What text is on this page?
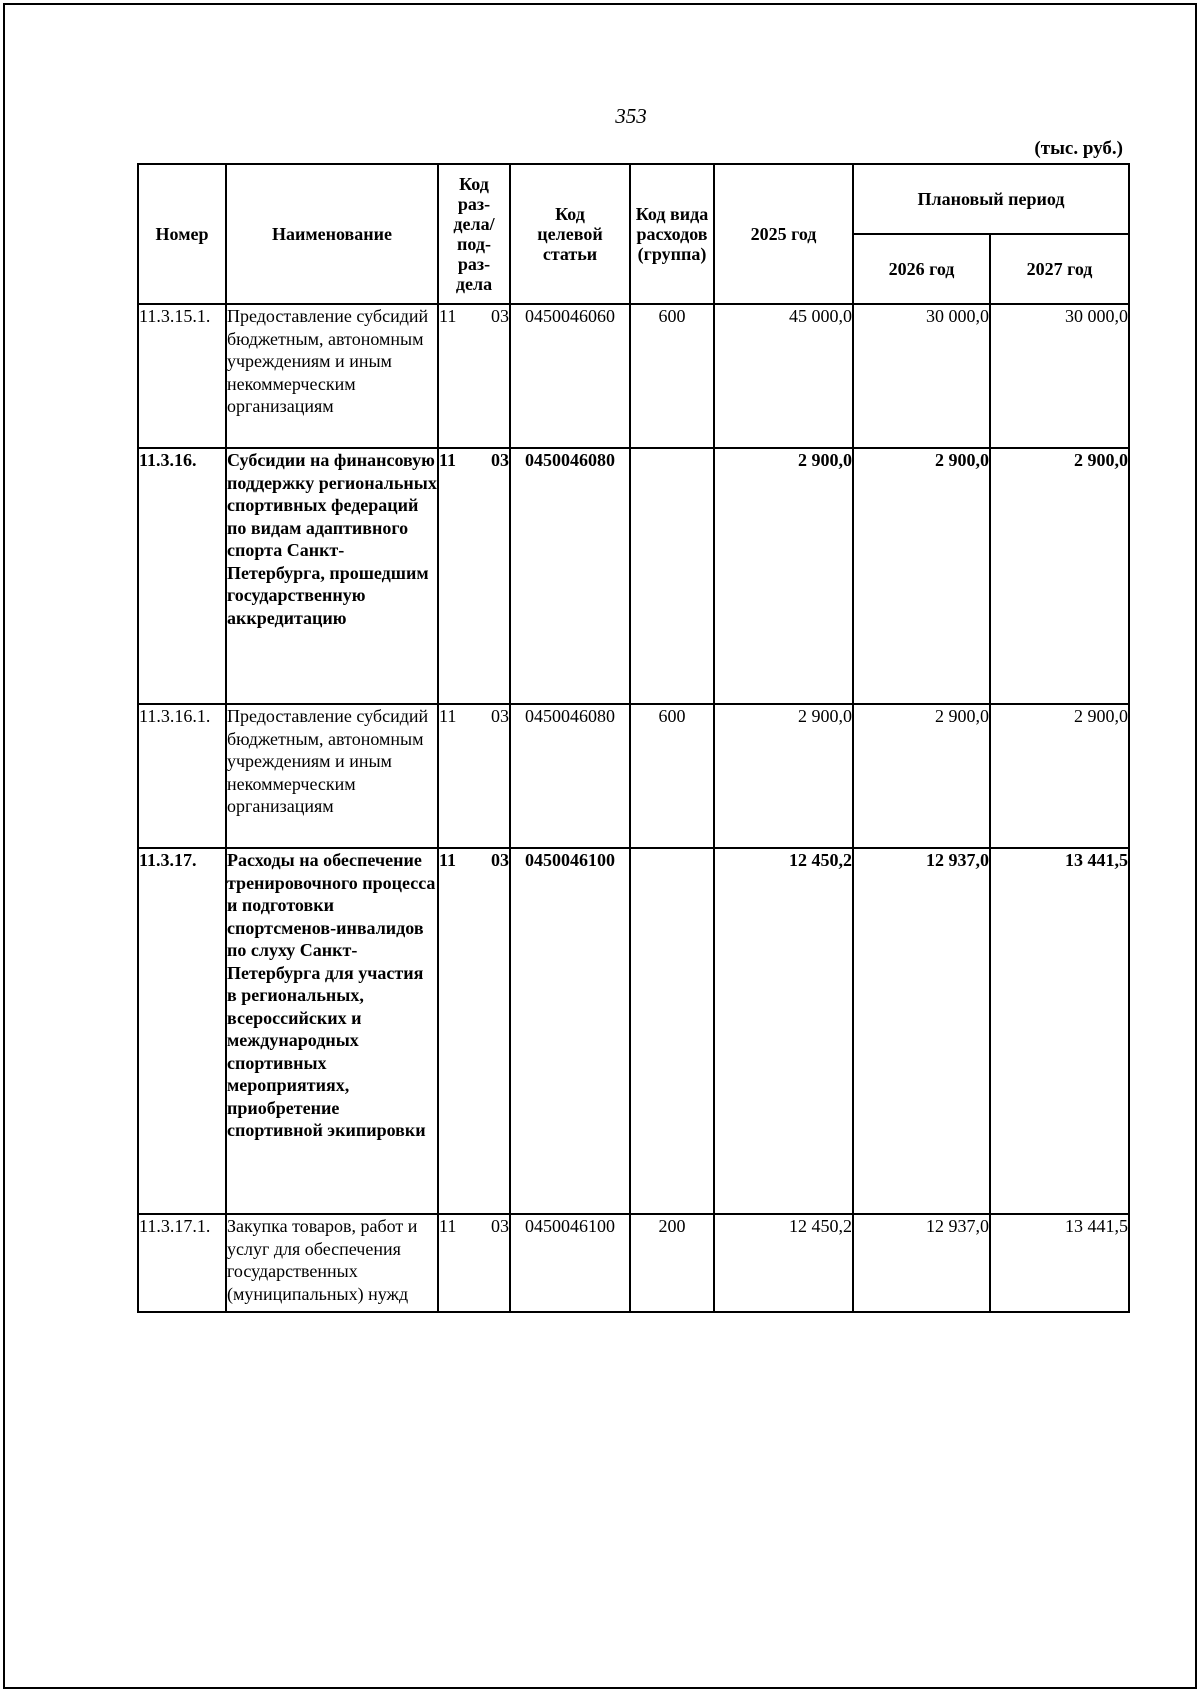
353
(тыс. руб.)
Номер	Наименование	Код раз-дела/ под-раз-дела	Код целевой статьи	Код вида расходов (группа)	2025 год	Плановый период	
						2026 год	2027 год
11.3.15.1.	Предоставление субсидий бюджетным, автономным учреждениям и иным некоммерческим организациям	11 03	0450046060	600	45 000,0	30 000,0	30 000,0
11.3.16.	Субсидии на финансовую поддержку региональных спортивных федераций по видам адаптивного спорта Санкт-Петербурга, прошедшим государственную аккредитацию	11 03	0450046080		2 900,0	2 900,0	2 900,0
11.3.16.1.	Предоставление субсидий бюджетным, автономным учреждениям и иным некоммерческим организациям	11 03	0450046080	600	2 900,0	2 900,0	2 900,0
11.3.17.	Расходы на обеспечение тренировочного процесса и подготовки спортсменов-инвалидов по слуху Санкт-Петербурга для участия в региональных, всероссийских и международных спортивных мероприятиях, приобретение спортивной экипировки	11 03	0450046100		12 450,2	12 937,0	13 441,5
11.3.17.1.	Закупка товаров, работ и услуг для обеспечения государственных (муниципальных) нужд	11 03	0450046100	200	12 450,2	12 937,0	13 441,5
